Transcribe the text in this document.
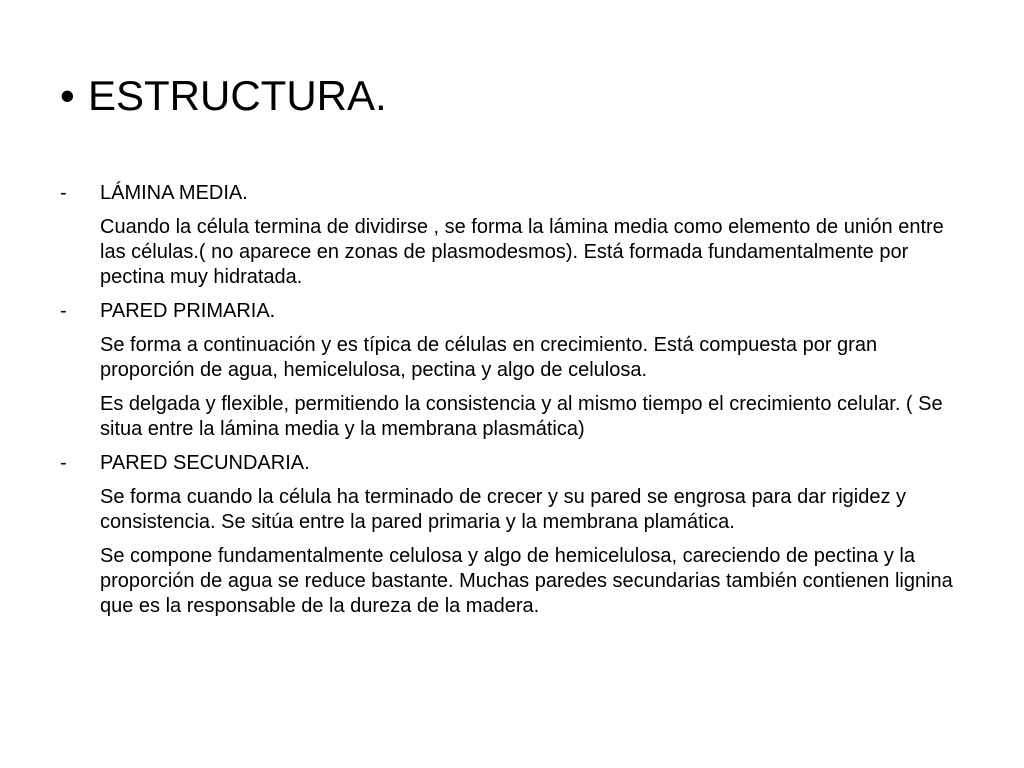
• ESTRUCTURA.
- LÁMINA MEDIA.
Cuando la célula termina de dividirse , se forma la lámina media como elemento de unión entre las células.( no aparece en zonas de plasmodesmos). Está formada fundamentalmente por pectina muy hidratada.
- PARED PRIMARIA.
Se forma a continuación y es típica de células en crecimiento. Está compuesta por gran proporción de agua, hemicelulosa, pectina y algo de celulosa.
Es delgada y flexible, permitiendo la consistencia y al mismo tiempo el crecimiento celular. ( Se situa entre la lámina media y la membrana plasmática)
- PARED SECUNDARIA.
Se forma cuando la célula ha terminado de crecer y su pared se engrosa para dar rigidez y consistencia. Se sitúa entre la pared primaria y la membrana plamática.
Se compone fundamentalmente celulosa y algo de hemicelulosa, careciendo de pectina y la proporción de agua se reduce bastante. Muchas paredes secundarias también contienen lignina que es la responsable de la dureza de la madera.
